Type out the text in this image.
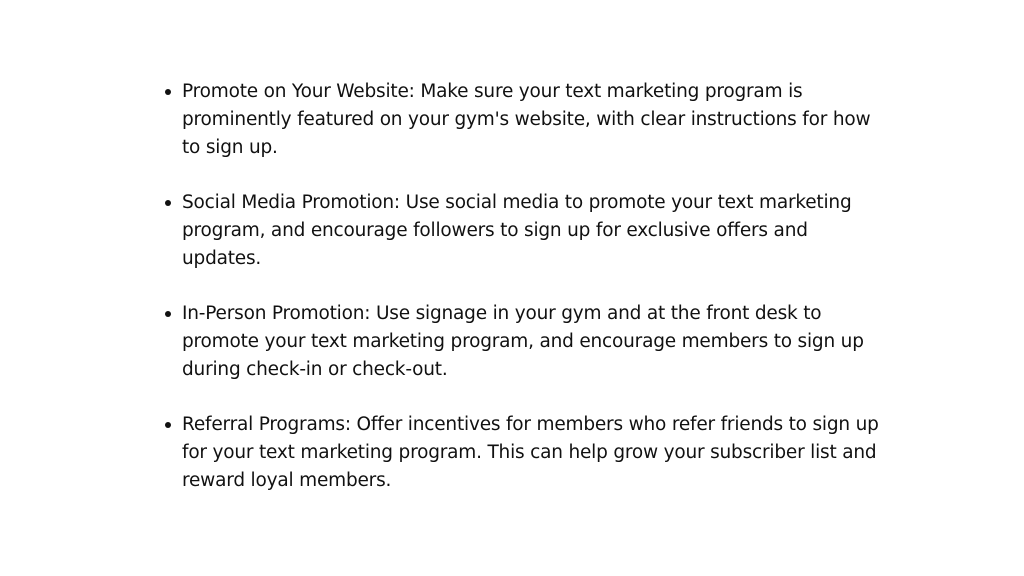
Promote on Your Website: Make sure your text marketing program is prominently featured on your gym's website, with clear instructions for how to sign up.
Social Media Promotion: Use social media to promote your text marketing program, and encourage followers to sign up for exclusive offers and updates.
In-Person Promotion: Use signage in your gym and at the front desk to promote your text marketing program, and encourage members to sign up during check-in or check-out.
Referral Programs: Offer incentives for members who refer friends to sign up for your text marketing program. This can help grow your subscriber list and reward loyal members.
